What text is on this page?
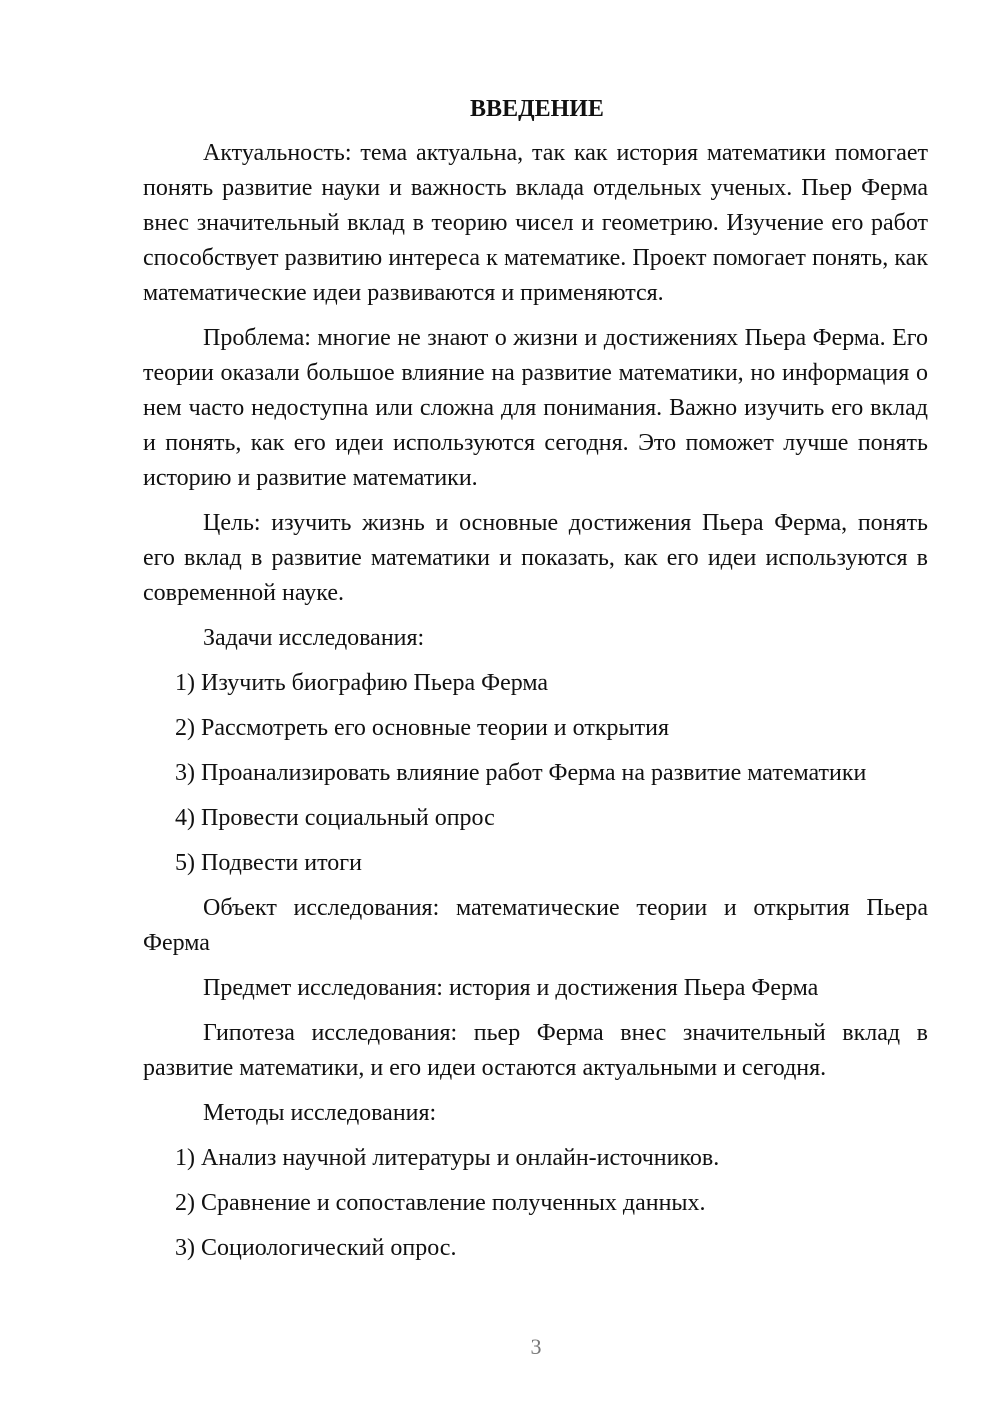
ВВЕДЕНИЕ

Актуальность: тема актуальна, так как история математики помогает понять развитие науки и важность вклада отдельных ученых. Пьер Ферма внес значительный вклад в теорию чисел и геометрию. Изучение его работ способствует развитию интереса к математике. Проект помогает понять, как математические идеи развиваются и применяются.

Проблема: многие не знают о жизни и достижениях Пьера Ферма. Его теории оказали большое влияние на развитие математики, но информация о нем часто недоступна или сложна для понимания. Важно изучить его вклад и понять, как его идеи используются сегодня. Это поможет лучше понять историю и развитие математики.

Цель: изучить жизнь и основные достижения Пьера Ферма, понять его вклад в развитие математики и показать, как его идеи используются в современной науке.

Задачи исследования:
1) Изучить биографию Пьера Ферма
2) Рассмотреть его основные теории и открытия
3) Проанализировать влияние работ Ферма на развитие математики
4) Провести социальный опрос
5) Подвести итоги

Объект исследования: математические теории и открытия Пьера Ферма

Предмет исследования: история и достижения Пьера Ферма

Гипотеза исследования: пьер Ферма внес значительный вклад в развитие математики, и его идеи остаются актуальными и сегодня.

Методы исследования:
1) Анализ научной литературы и онлайн-источников.
2) Сравнение и сопоставление полученных данных.
3) Социологический опрос.
3
